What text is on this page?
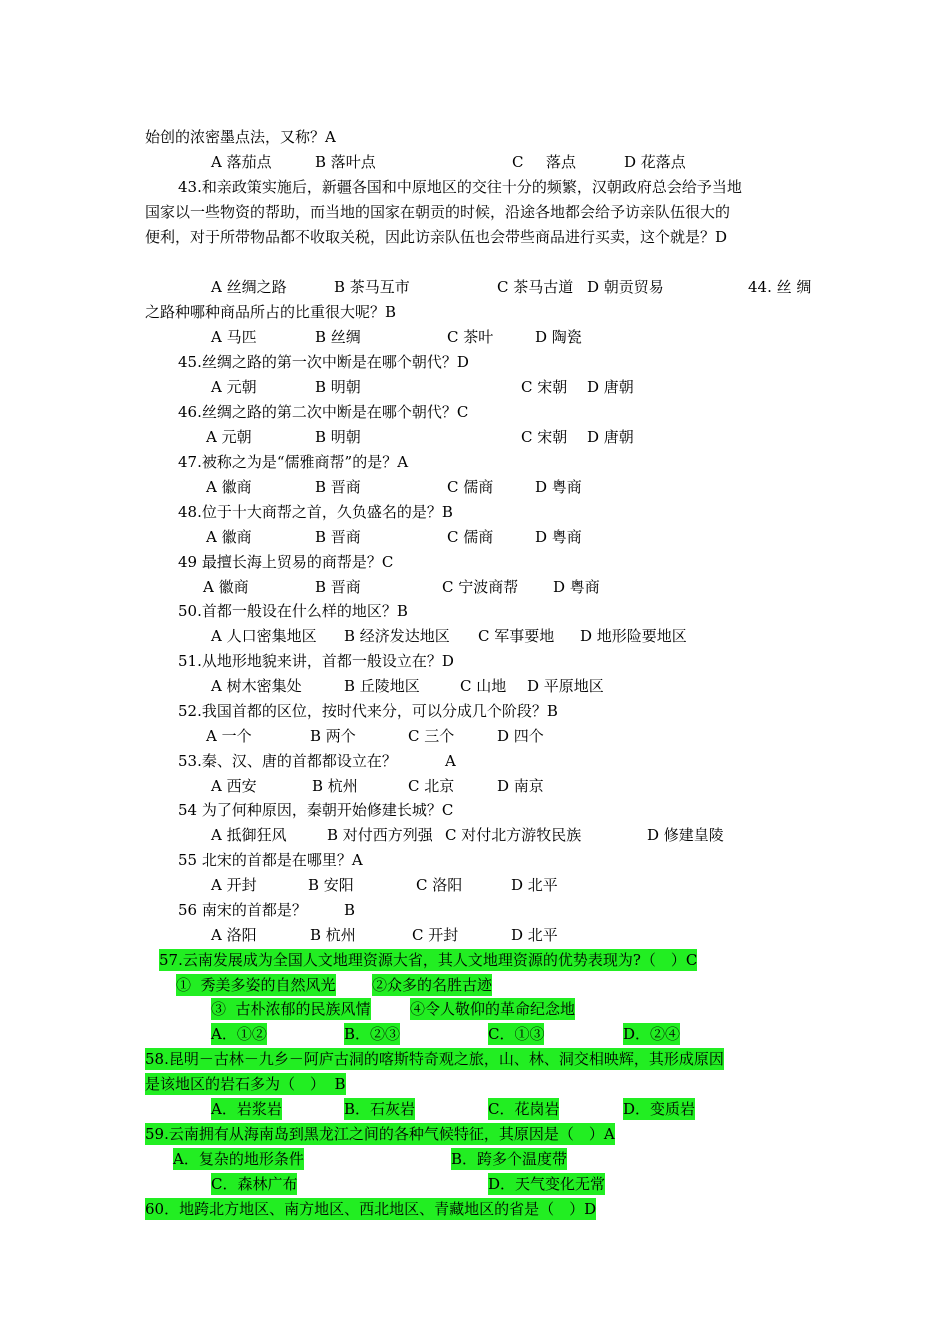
始创的浓密墨点法，又称？A
A 落茄点	B 落叶点	C 落点	D 花落点
43.和亲政策实施后，新疆各国和中原地区的交往十分的频繁，汉朝政府总会给予当地
国家以一些物资的帮助，而当地的国家在朝贡的时候，沿途各地都会给予访亲队伍很大的
便利，对于所带物品都不收取关税，因此访亲队伍也会带些商品进行买卖，这个就是？D
A 丝绸之路	B 茶马互市	C 茶马古道 D 朝贡贸易	44. 丝 绸
之路种哪种商品所占的比重很大呢？B
A 马匹	B 丝绸	C 茶叶	D 陶瓷
45.丝绸之路的第一次中断是在哪个朝代？D
A 元朝	B 明朝	C 宋朝 D 唐朝
46.丝绸之路的第二次中断是在哪个朝代？C
A 元朝	B 明朝	C 宋朝 D 唐朝
47.被称之为是“儒雅商帮”的是？A
A 徽商	B 晋商	C 儒商	D 粤商
48.位于十大商帮之首，久负盛名的是？B
A 徽商	B 晋商	C 儒商	D 粤商
49 最擅长海上贸易的商帮是？C
A 徽商	B 晋商	C 宁波商帮 D 粤商
50.首都一般设在什么样的地区？B
A 人口密集地区 B 经济发达地区 C 军事要地 D 地形险要地区
51.从地形地貌来讲，首都一般设立在？D
A 树木密集处	B 丘陵地区	C 山地 D 平原地区
52.我国首都的区位，按时代来分，可以分成几个阶段？B
A 一个	B 两个	C 三个	D 四个
53.秦、汉、唐的首都都设立在？	A
A 西安	B 杭州	C 北京	D 南京
54 为了何种原因，秦朝开始修建长城？C
A 抵御狂风	B 对付西方列强 C 对付北方游牧民族	D 修建皇陵
55 北宋的首都是在哪里？A
A 开封	B 安阳	C 洛阳	D 北平
56 南宋的首都是？ B
A 洛阳	B 杭州	C 开封	D 北平
57.云南发展成为全国人文地理资源大省，其人文地理资源的优势表现为?（　）C
①  秀美多姿的自然风光 ②众多的名胜古迹
③  古朴浓郁的民族风情	④令人敬仰的革命纪念地
A．①②	B．②③	C．①③	D．②④
58.昆明－古林－九乡－阿庐古洞的喀斯特奇观之旅，山、林、洞交相映辉，其形成原因
是该地区的岩石多为（　）  B
A．岩浆岩	B．石灰岩	C．花岗岩	D．变质岩
59.云南拥有从海南岛到黑龙江之间的各种气候特征，其原因是（　）A
A．复杂的地形条件	B．跨多个温度带
C．森林广布	D．天气变化无常
60．地跨北方地区、南方地区、西北地区、青藏地区的省是（　）D
